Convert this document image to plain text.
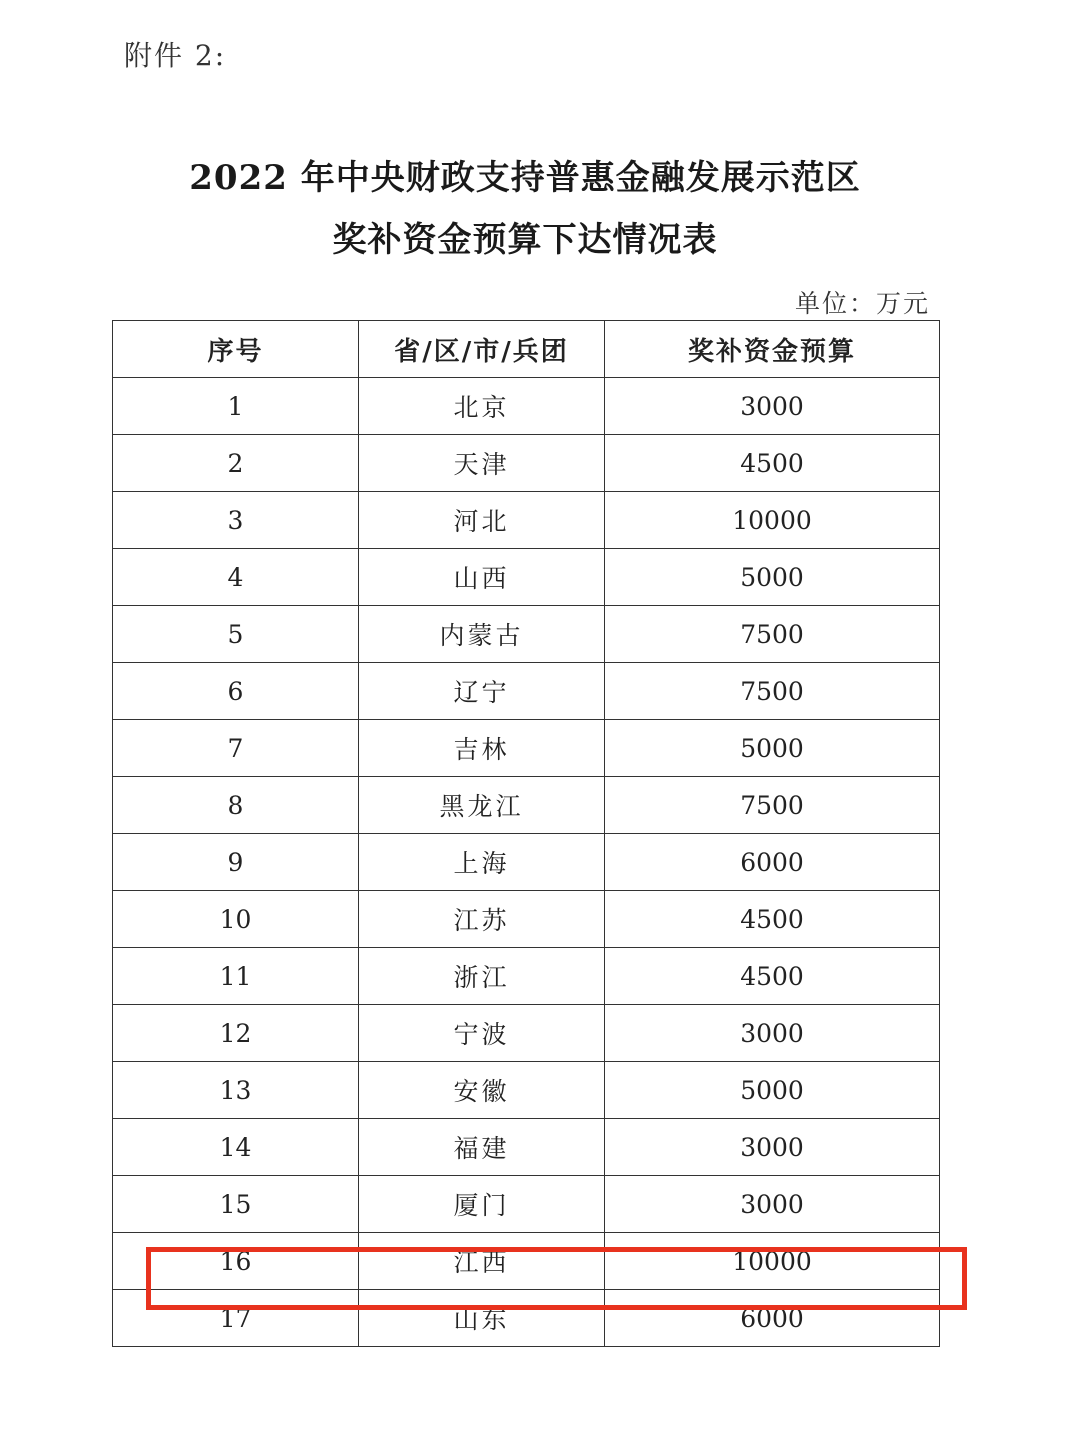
附件 2:
2022 年中央财政支持普惠金融发展示范区
奖补资金预算下达情况表
单位：万元
序号	省/区/市/兵团	奖补资金预算
1	北京	3000
2	天津	4500
3	河北	10000
4	山西	5000
5	内蒙古	7500
6	辽宁	7500
7	吉林	5000
8	黑龙江	7500
9	上海	6000
10	江苏	4500
11	浙江	4500
12	宁波	3000
13	安徽	5000
14	福建	3000
15	厦门	3000
16	江西	10000
17	山东	6000
